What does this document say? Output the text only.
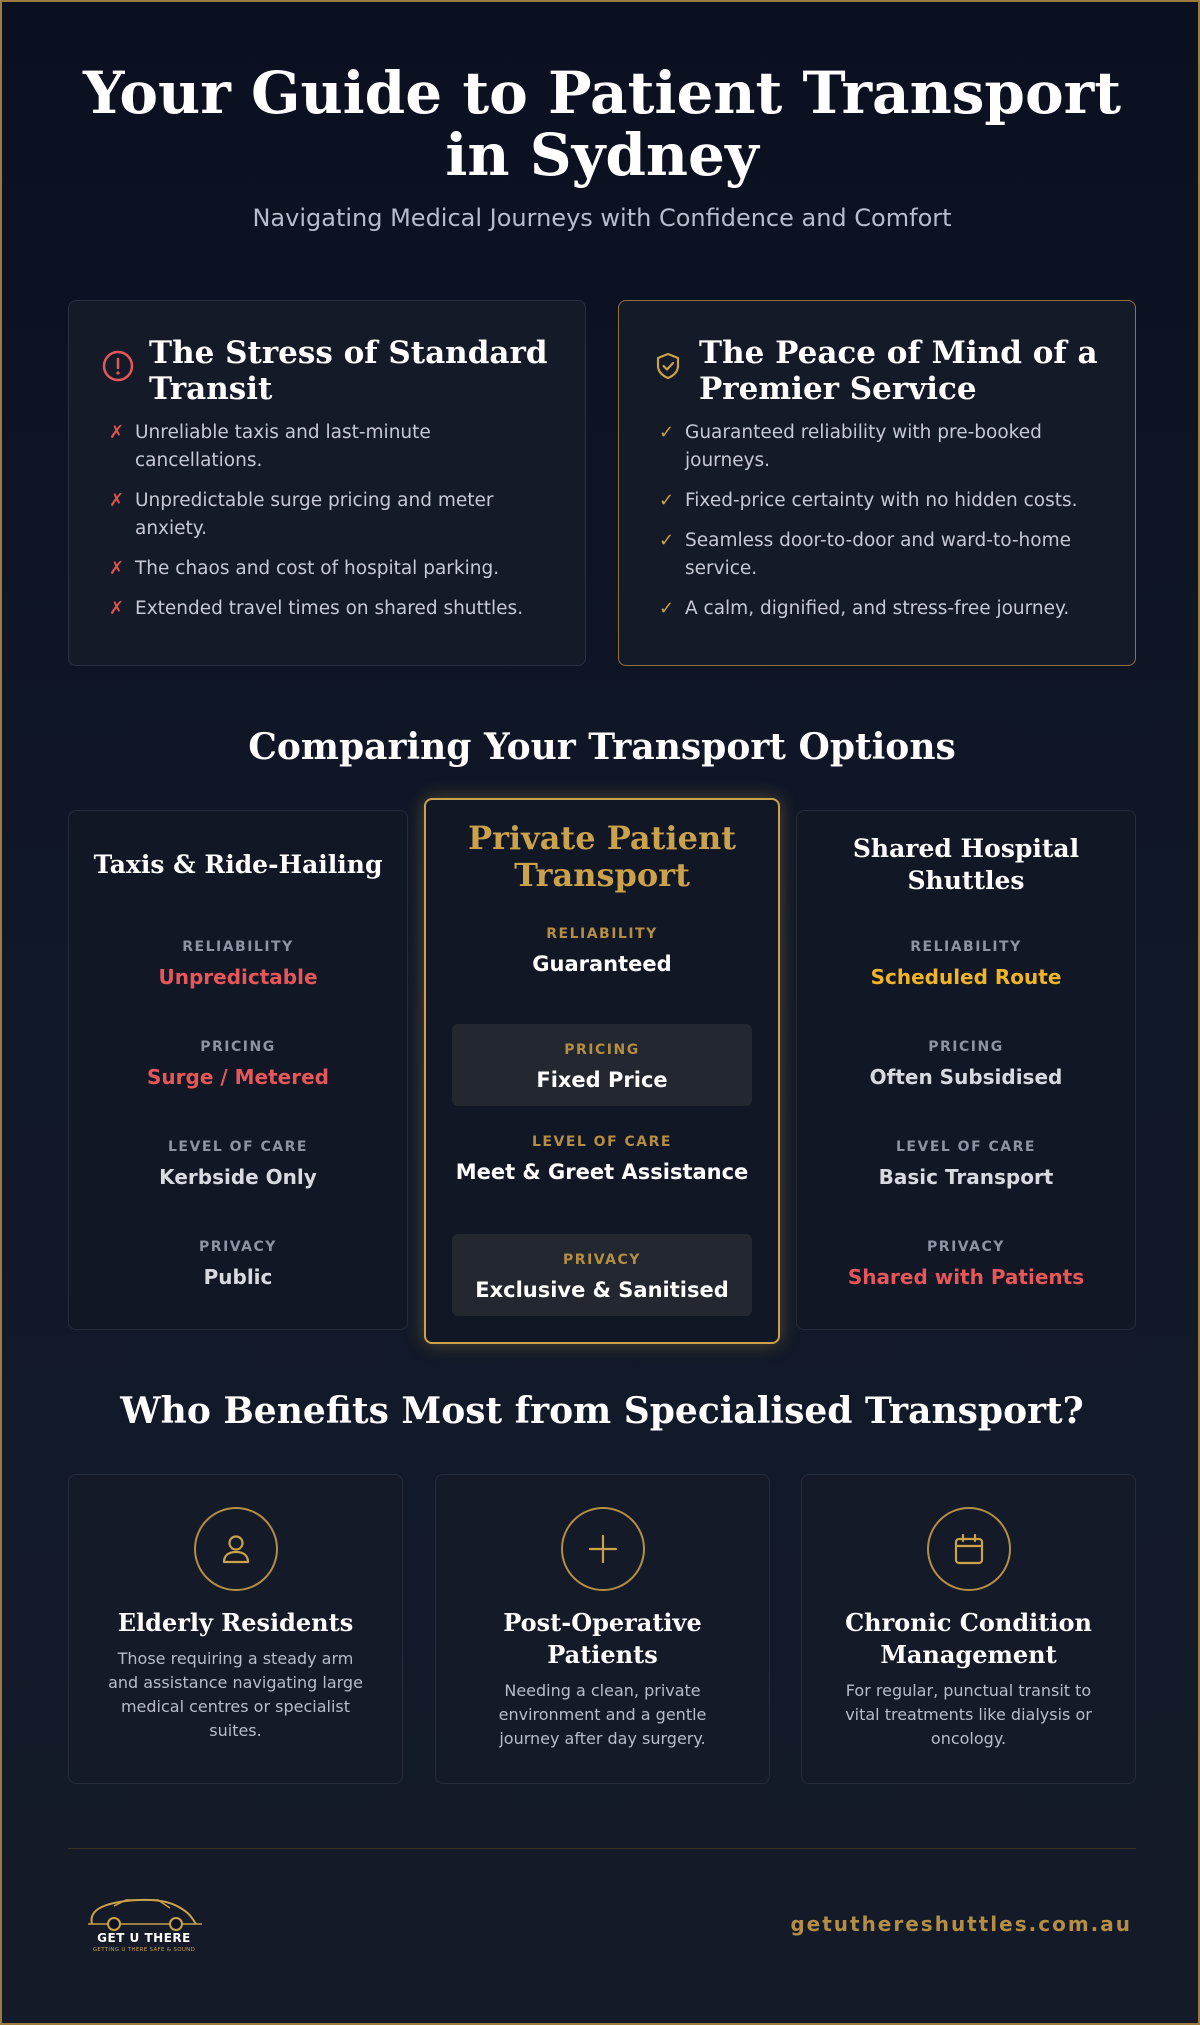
Your Guide to Patient Transport in Sydney
Navigating Medical Journeys with Confidence and Comfort
The Stress of Standard Transit
✗ Unreliable taxis and last-minute cancellations.
✗ Unpredictable surge pricing and meter anxiety.
✗ The chaos and cost of hospital parking.
✗ Extended travel times on shared shuttles.
The Peace of Mind of a Premier Service
✓ Guaranteed reliability with pre-booked journeys.
✓ Fixed-price certainty with no hidden costs.
✓ Seamless door-to-door and ward-to-home service.
✓ A calm, dignified, and stress-free journey.
Comparing Your Transport Options
Taxis & Ride-Hailing
RELIABILITY
Unpredictable
PRICING
Surge / Metered
LEVEL OF CARE
Kerbside Only
PRIVACY
Public
Private Patient Transport
RELIABILITY
Guaranteed
PRICING
Fixed Price
LEVEL OF CARE
Meet & Greet Assistance
PRIVACY
Exclusive & Sanitised
Shared Hospital Shuttles
RELIABILITY
Scheduled Route
PRICING
Often Subsidised
LEVEL OF CARE
Basic Transport
PRIVACY
Shared with Patients
Who Benefits Most from Specialised Transport?
Elderly Residents
Those requiring a steady arm and assistance navigating large medical centres or specialist suites.
Post-Operative Patients
Needing a clean, private environment and a gentle journey after day surgery.
Chronic Condition Management
For regular, punctual transit to vital treatments like dialysis or oncology.
GET U THERE
GETTING U THERE SAFE & SOUND
getuthereshuttles.com.au
